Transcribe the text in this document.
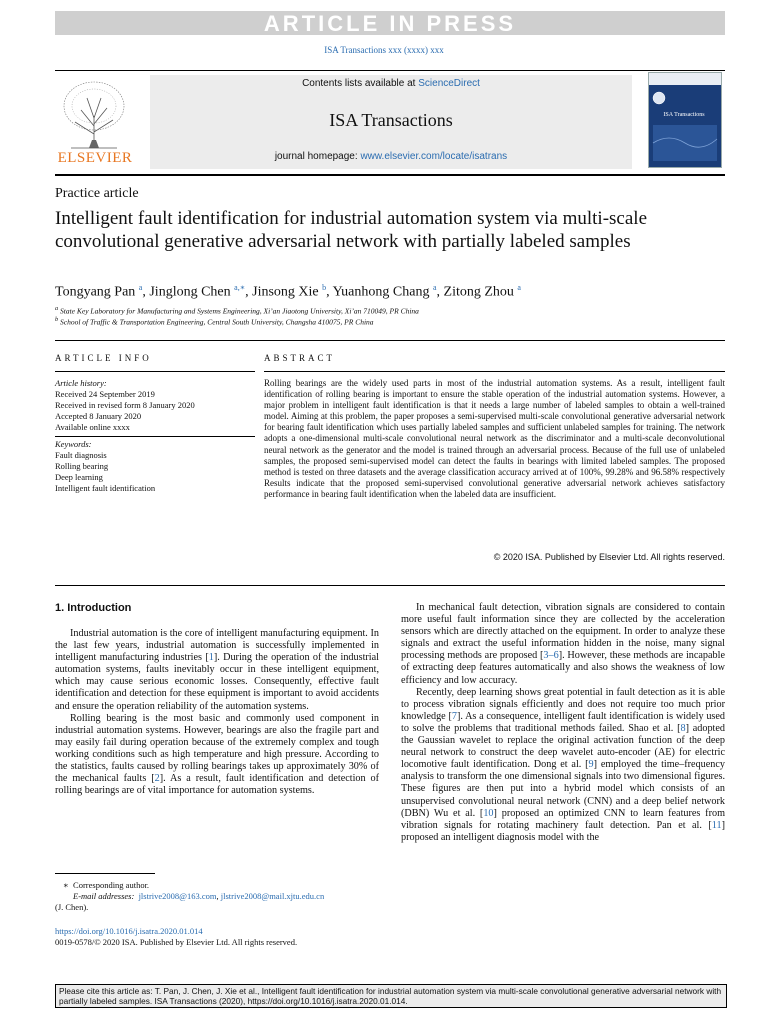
ARTICLE IN PRESS
ISA Transactions xxx (xxxx) xxx
ELSEVIER
Contents lists available at ScienceDirect
ISA Transactions
journal homepage: www.elsevier.com/locate/isatrans
ISA Transactions
Practice article
Intelligent fault identification for industrial automation system via multi-scale convolutional generative adversarial network with partially labeled samples
Tongyang Pan $^a$, Jinglong Chen $^{a,∗}$, Jinsong Xie $^b$, Yuanhong Chang $^a$, Zitong Zhou $^a$
$^a$ State Key Laboratory for Manufacturing and Systems Engineering, Xi’an Jiaotong University, Xi’an 710049, PR China
$^b$ School of Traffic & Transportation Engineering, Central South University, Changsha 410075, PR China
ARTICLE INFO	ABSTRACT
Article history:
Received 24 September 2019
Received in revised form 8 January 2020
Accepted 8 January 2020
Available online xxxx
Keywords:
Fault diagnosis
Rolling bearing
Deep learning
Intelligent fault identification
Rolling bearings are the widely used parts in most of the industrial automation systems. As a result, intelligent fault identification of rolling bearing is important to ensure the stable operation of the industrial automation systems. However, a major problem in intelligent fault identification is that it needs a large number of labeled samples to obtain a well-trained model. Aiming at this problem, the paper proposes a semi-supervised multi-scale convolutional generative adversarial network for bearing fault identification which uses partially labeled samples and sufficient unlabeled samples for training. The network adopts a one-dimensional multi-scale convolutional neural network as the discriminator and a multi-scale deconvolutional neural network as the generator and the model is trained through an adversarial process. Because of the full use of unlabeled samples, the proposed semi-supervised model can detect the faults in bearings with limited labeled samples. The proposed method is tested on three datasets and the average classification accuracy arrived at of 100%, 99.28% and 96.58% respectively Results indicate that the proposed semi-supervised convolutional generative adversarial network achieves satisfactory performance in bearing fault identification when the labeled data are insufficient.
© 2020 ISA. Published by Elsevier Ltd. All rights reserved.
1. Introduction

Industrial automation is the core of intelligent manufacturing equipment. In the last few years, industrial automation is successfully implemented in intelligent manufacturing industries [1]. During the operation of the industrial automation systems, faults inevitably occur in these intelligent equipment, which may cause serious economic losses. Consequently, effective fault identification and detection for these equipment is important to avoid accidents and ensure the operation reliability of the automation systems.

Rolling bearing is the most basic and commonly used component in industrial automation systems. However, bearings are also the fragile part and may easily fail during operation because of the extremely complex and tough working conditions such as high temperature and high pressure. According to the statistics, faults caused by rolling bearings takes up approximately 30% of the mechanical faults [2]. As a result, fault identification and detection of rolling bearings are of vital importance for automation systems.

In mechanical fault detection, vibration signals are considered to contain more useful fault information since they are collected by the acceleration sensors which are directly attached on the equipment. In order to analyze these signals and extract the useful information hidden in the noise, many signal processing methods are proposed [3–6]. However, these methods are incapable of extracting deep features automatically and also shows the weakness of low efficiency and low accuracy.

Recently, deep learning shows great potential in fault detection as it is able to process vibration signals efficiently and does not require too much prior knowledge [7]. As a consequence, intelligent fault identification is widely used to solve the problems that traditional methods failed. Shao et al. [8] adopted the Gaussian wavelet to replace the original activation function of the deep neural network to construct the deep wavelet auto-encoder (AE) for electric locomotive fault identification. Dong et al. [9] employed the time–frequency analysis to transform the one dimensional signals into two dimensional figures. These figures are then put into a hybrid model which consists of an unsupervised convolutional neural network (CNN) and a deep belief network (DBN) Wu et al. [10] proposed an optimized CNN to learn features from vibration signals for rotating machinery fault detection. Pan et al. [11] proposed an intelligent diagnosis model with the

∗ Corresponding author.
E-mail addresses: jlstrive2008@163.com, jlstrive2008@mail.xjtu.edu.cn
(J. Chen).
https://doi.org/10.1016/j.isatra.2020.01.014
0019-0578/© 2020 ISA. Published by Elsevier Ltd. All rights reserved.
Please cite this article as: T. Pan, J. Chen, J. Xie et al., Intelligent fault identification for industrial automation system via multi-scale convolutional generative adversarial network with partially labeled samples. ISA Transactions (2020), https://doi.org/10.1016/j.isatra.2020.01.014.
